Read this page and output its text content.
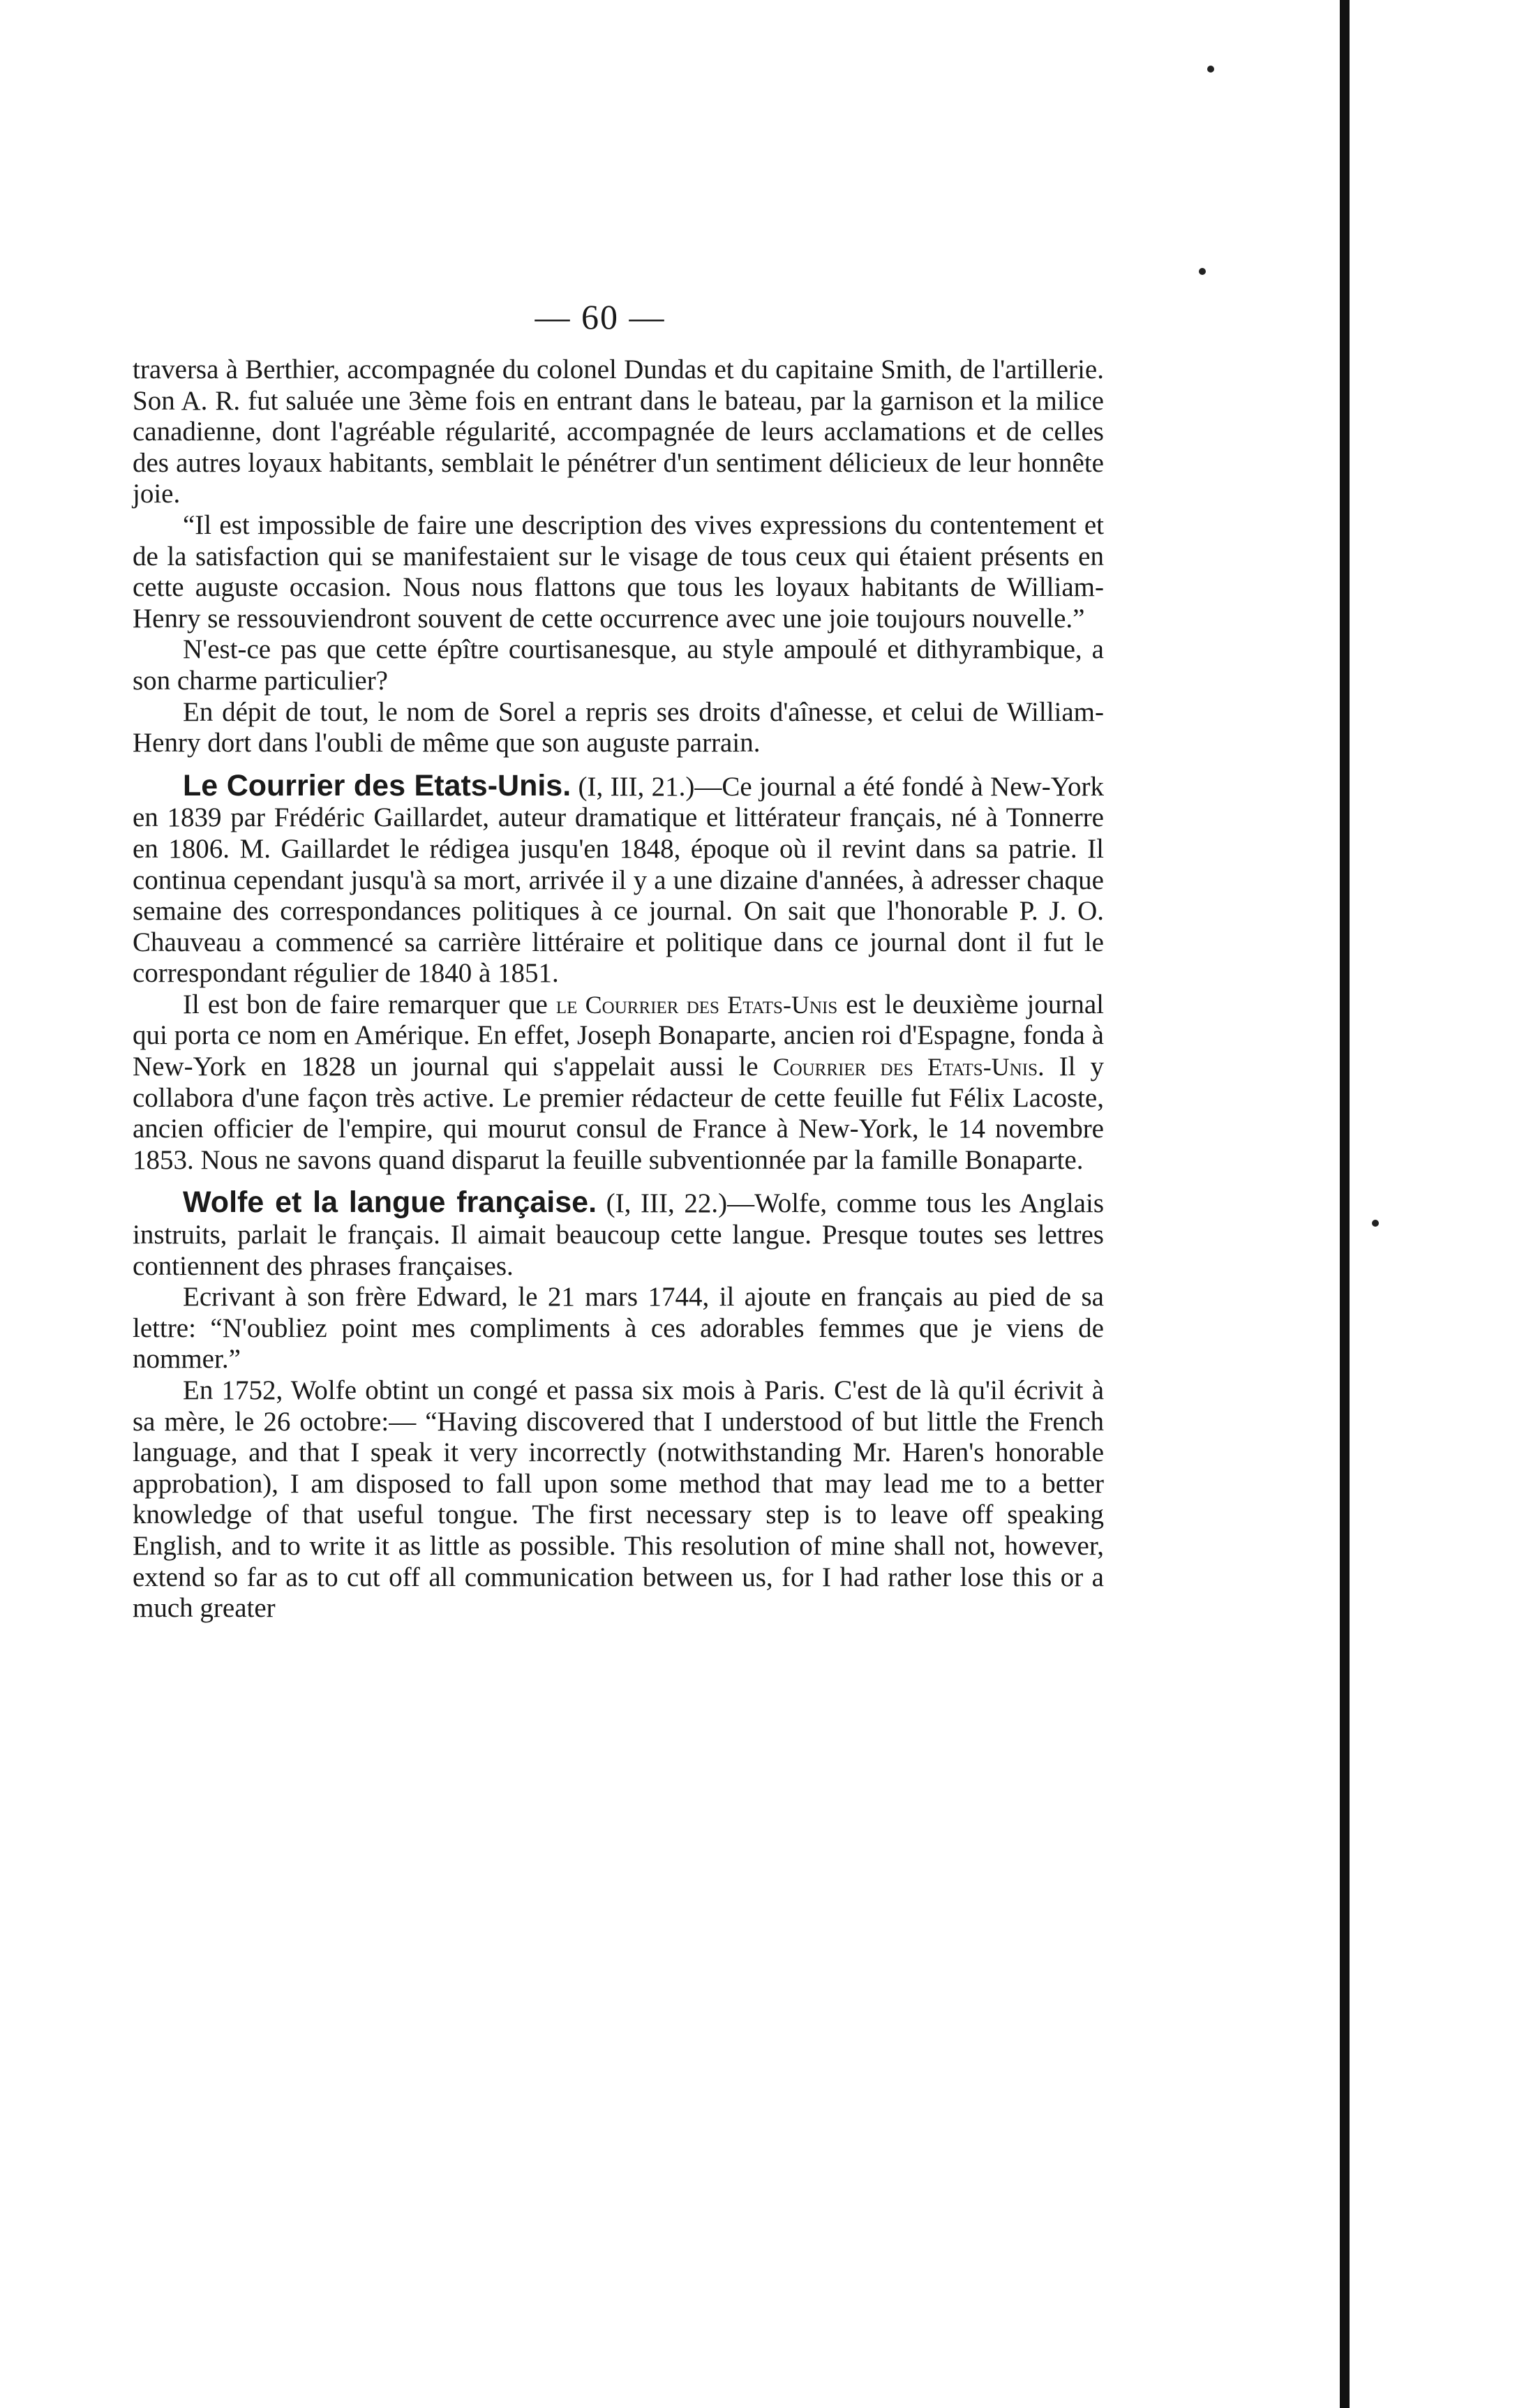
— 60 —

traversa à Berthier, accompagnée du colonel Dundas et du capitaine Smith, de l'artillerie. Son A. R. fut saluée une 3ème fois en entrant dans le bateau, par la garnison et la milice canadienne, dont l'agréable régularité, accompagnée de leurs acclamations et de celles des autres loyaux habitants, semblait le pénétrer d'un sentiment délicieux de leur honnête joie.

“Il est impossible de faire une description des vives expressions du contentement et de la satisfaction qui se manifestaient sur le visage de tous ceux qui étaient présents en cette auguste occasion. Nous nous flattons que tous les loyaux habitants de William-Henry se ressouviendront souvent de cette occurrence avec une joie toujours nouvelle.”

N'est-ce pas que cette épître courtisanesque, au style ampoulé et dithyrambique, a son charme particulier?

En dépit de tout, le nom de Sorel a repris ses droits d'aînesse, et celui de William-Henry dort dans l'oubli de même que son auguste parrain.

Le Courrier des Etats-Unis. (I, III, 21.)—Ce journal a été fondé à New-York en 1839 par Frédéric Gaillardet, auteur dramatique et littérateur français, né à Tonnerre en 1806. M. Gaillardet le rédigea jusqu'en 1848, époque où il revint dans sa patrie. Il continua cependant jusqu'à sa mort, arrivée il y a une dizaine d'années, à adresser chaque semaine des correspondances politiques à ce journal. On sait que l'honorable P. J. O. Chauveau a commencé sa carrière littéraire et politique dans ce journal dont il fut le correspondant régulier de 1840 à 1851.

Il est bon de faire remarquer que le Courrier des Etats-Unis est le deuxième journal qui porta ce nom en Amérique. En effet, Joseph Bonaparte, ancien roi d'Espagne, fonda à New-York en 1828 un journal qui s'appelait aussi le Courrier des Etats-Unis. Il y collabora d'une façon très active. Le premier rédacteur de cette feuille fut Félix Lacoste, ancien officier de l'empire, qui mourut consul de France à New-York, le 14 novembre 1853. Nous ne savons quand disparut la feuille subventionnée par la famille Bonaparte.

Wolfe et la langue française. (I, III, 22.)—Wolfe, comme tous les Anglais instruits, parlait le français. Il aimait beaucoup cette langue. Presque toutes ses lettres contiennent des phrases françaises.

Ecrivant à son frère Edward, le 21 mars 1744, il ajoute en français au pied de sa lettre: “N'oubliez point mes compliments à ces adorables femmes que je viens de nommer.”

En 1752, Wolfe obtint un congé et passa six mois à Paris. C'est de là qu'il écrivit à sa mère, le 26 octobre:— “Having discovered that I understood of but little the French language, and that I speak it very incorrectly (notwithstanding Mr. Haren's honorable approbation), I am disposed to fall upon some method that may lead me to a better knowledge of that useful tongue. The first necessary step is to leave off speaking English, and to write it as little as possible. This resolution of mine shall not, however, extend so far as to cut off all communication between us, for I had rather lose this or a much greater
